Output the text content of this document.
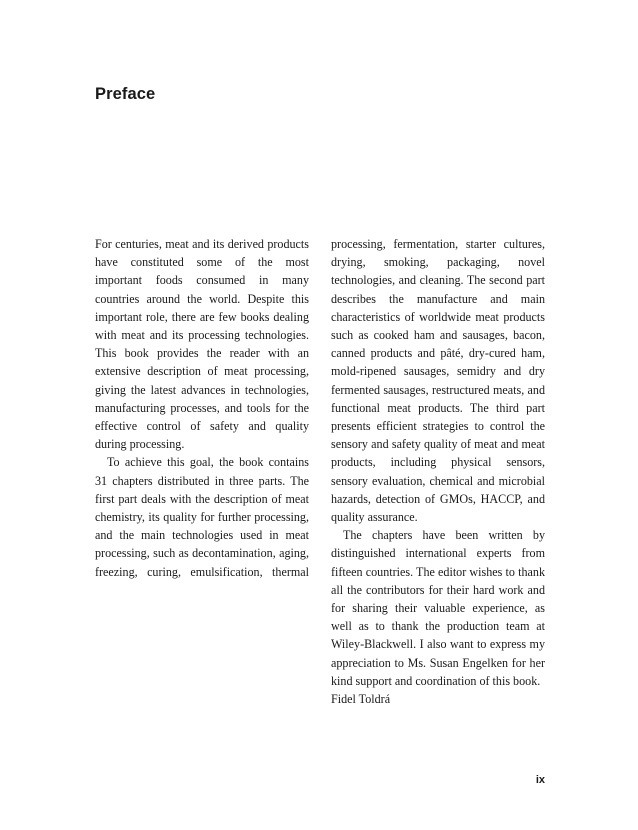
Preface

For centuries, meat and its derived products have constituted some of the most important foods consumed in many countries around the world. Despite this important role, there are few books dealing with meat and its processing technologies. This book provides the reader with an extensive description of meat processing, giving the latest advances in technologies, manufacturing processes, and tools for the effective control of safety and quality during processing.

To achieve this goal, the book contains 31 chapters distributed in three parts. The first part deals with the description of meat chemistry, its quality for further processing, and the main technologies used in meat processing, such as decontamination, aging, freezing, curing, emulsification, thermal

processing, fermentation, starter cultures, drying, smoking, packaging, novel technologies, and cleaning. The second part describes the manufacture and main characteristics of worldwide meat products such as cooked ham and sausages, bacon, canned products and pâté, dry-cured ham, mold-ripened sausages, semidry and dry fermented sausages, restructured meats, and functional meat products. The third part presents efficient strategies to control the sensory and safety quality of meat and meat products, including physical sensors, sensory evaluation, chemical and microbial hazards, detection of GMOs, HACCP, and quality assurance.

The chapters have been written by distinguished international experts from fifteen countries. The editor wishes to thank all the contributors for their hard work and for sharing their valuable experience, as well as to thank the production team at Wiley-Blackwell. I also want to express my appreciation to Ms. Susan Engelken for her kind support and coordination of this book.

Fidel Toldrá

ix
